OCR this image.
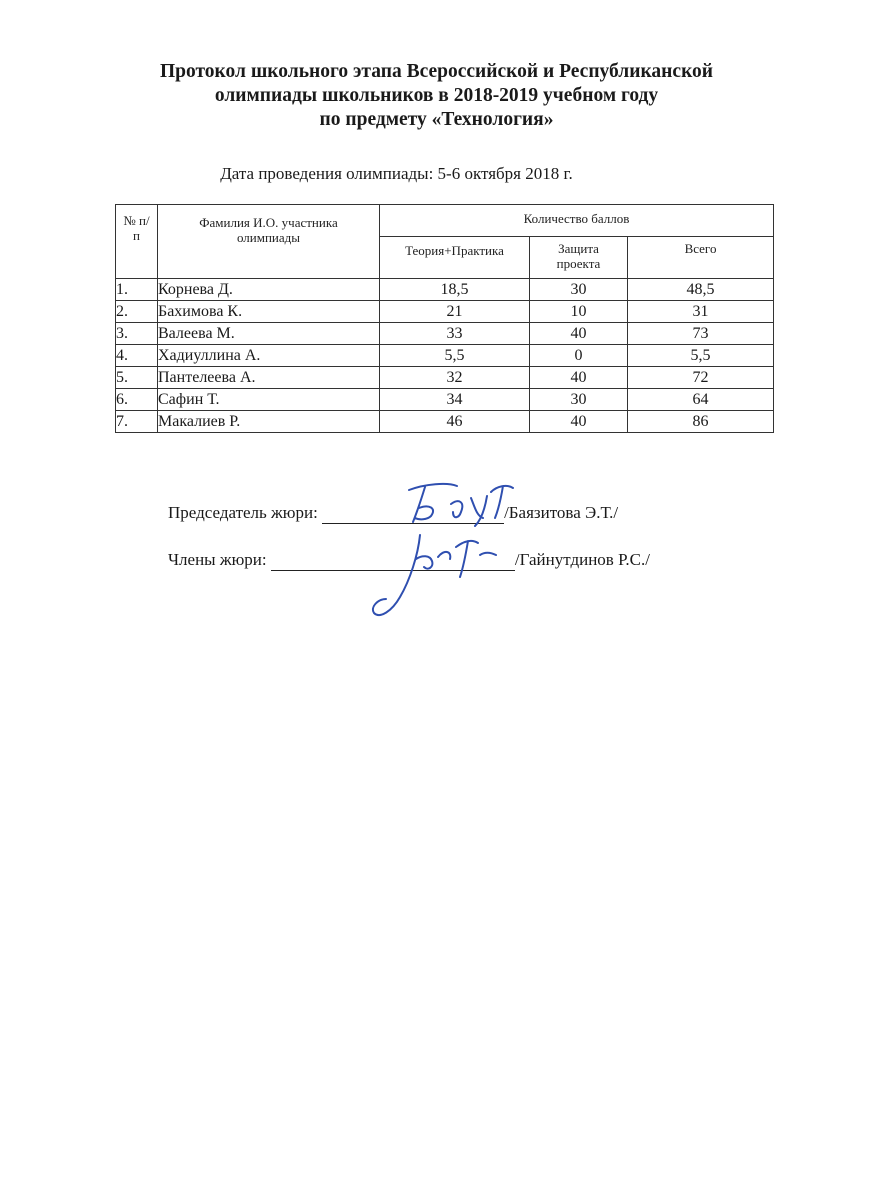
Протокол школьного этапа Всероссийской и Республиканской
олимпиады школьников в 2018-2019 учебном году
по предмету «Технология»
Дата проведения олимпиады: 5-6 октября 2018 г.
№ п/п	Фамилия И.О. участника олимпиады	Количество баллов		
		Теория+Практика	Защита проекта	Всего
1.	Корнева Д.	18,5	30	48,5
2.	Бахимова К.	21	10	31
3.	Валеева М.	33	40	73
4.	Хадиуллина А.	5,5	0	5,5
5.	Пантелеева А.	32	40	72
6.	Сафин Т.	34	30	64
7.	Макалиев Р.	46	40	86
Председатель жюри:	/Баязитова Э.Т./
Члены жюри:	/Гайнутдинов Р.С./
